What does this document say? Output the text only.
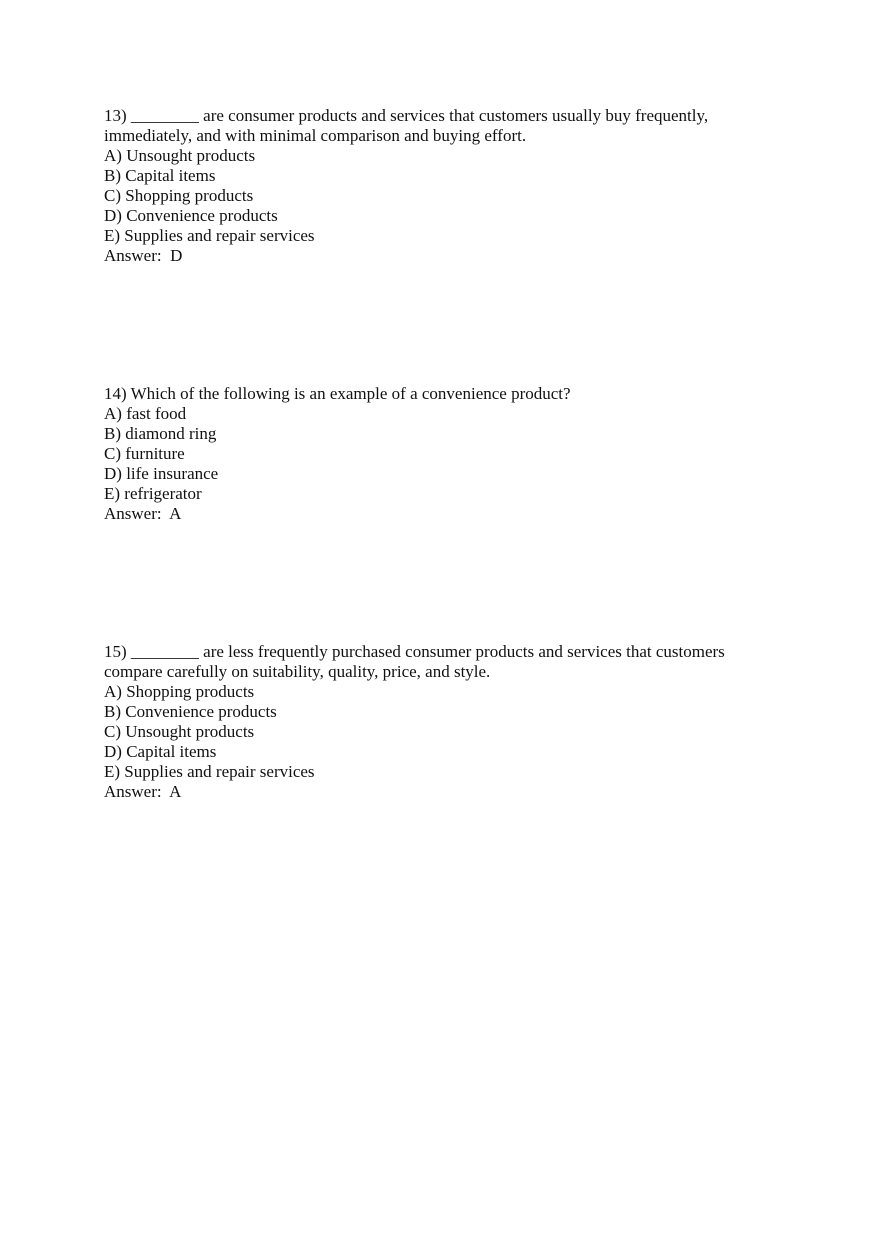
13) ________ are consumer products and services that customers usually buy frequently,
immediately, and with minimal comparison and buying effort.

A) Unsought products
B) Capital items
C) Shopping products
D) Convenience products
E) Supplies and repair services

Answer: D

14) Which of the following is an example of a convenience product?

A) fast food
B) diamond ring
C) furniture
D) life insurance
E) refrigerator

Answer: A

15) ________ are less frequently purchased consumer products and services that customers
compare carefully on suitability, quality, price, and style.

A) Shopping products
B) Convenience products
C) Unsought products
D) Capital items
E) Supplies and repair services

Answer: A
